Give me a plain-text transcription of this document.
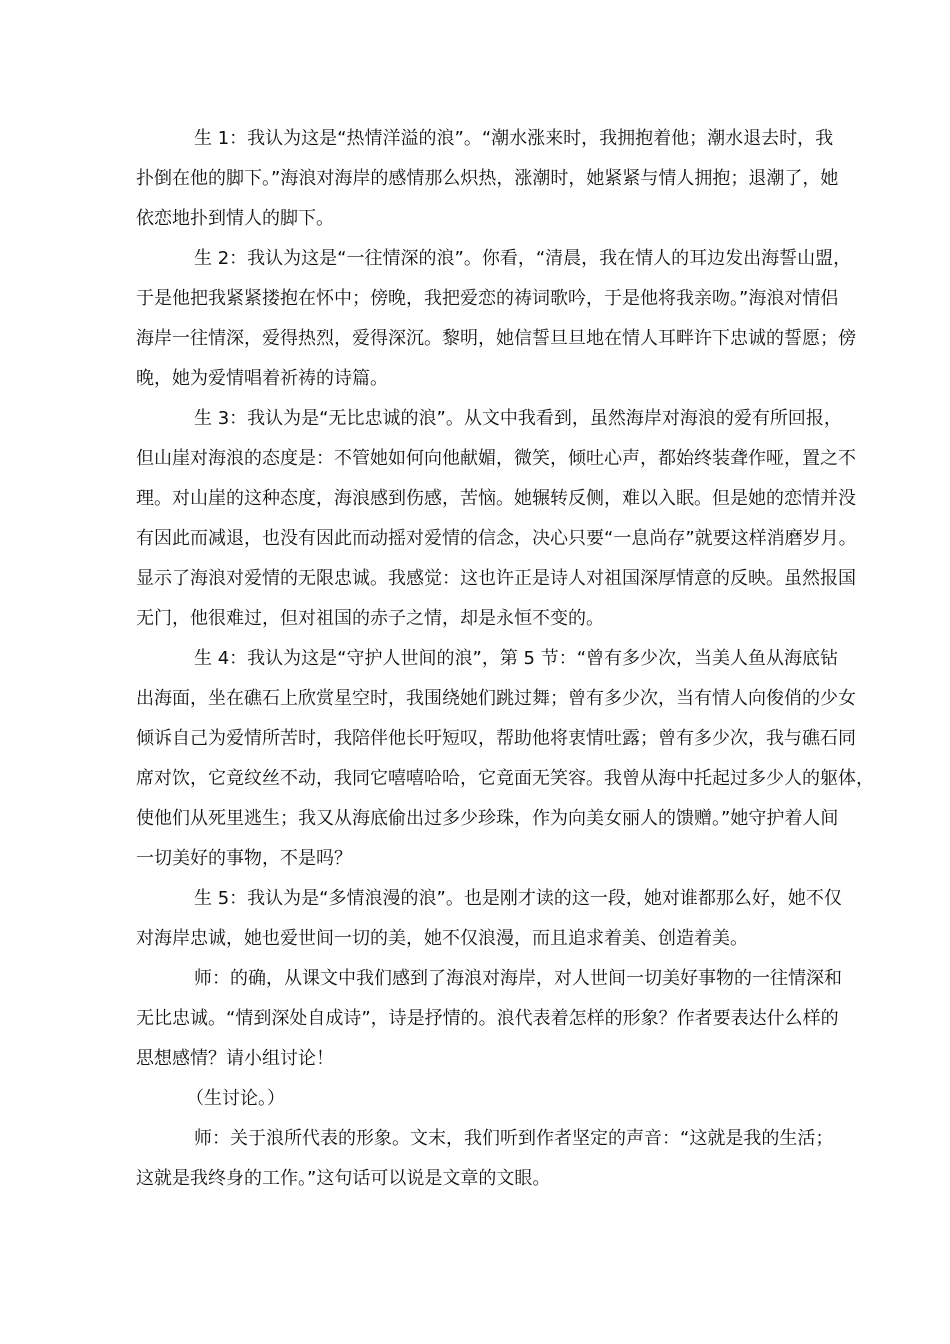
生 1：我认为这是“热情洋溢的浪”。“潮水涨来时，我拥抱着他；潮水退去时，我
扑倒在他的脚下。”海浪对海岸的感情那么炽热，涨潮时，她紧紧与情人拥抱；退潮了，她
依恋地扑到情人的脚下。
生 2：我认为这是“一往情深的浪”。你看，“清晨，我在情人的耳边发出海誓山盟，
于是他把我紧紧搂抱在怀中；傍晚，我把爱恋的祷词歌吟，于是他将我亲吻。”海浪对情侣
海岸一往情深，爱得热烈，爱得深沉。黎明，她信誓旦旦地在情人耳畔许下忠诚的誓愿；傍
晚，她为爱情唱着祈祷的诗篇。
生 3：我认为是“无比忠诚的浪”。从文中我看到，虽然海岸对海浪的爱有所回报，
但山崖对海浪的态度是：不管她如何向他献媚，微笑，倾吐心声，都始终装聋作哑，置之不
理。对山崖的这种态度，海浪感到伤感，苦恼。她辗转反侧，难以入眠。但是她的恋情并没
有因此而减退，也没有因此而动摇对爱情的信念，决心只要“一息尚存”就要这样消磨岁月。
显示了海浪对爱情的无限忠诚。我感觉：这也许正是诗人对祖国深厚情意的反映。虽然报国
无门，他很难过，但对祖国的赤子之情，却是永恒不变的。
生 4：我认为这是“守护人世间的浪”，第 5 节：“曾有多少次，当美人鱼从海底钻
出海面，坐在礁石上欣赏星空时，我围绕她们跳过舞；曾有多少次，当有情人向俊俏的少女
倾诉自己为爱情所苦时，我陪伴他长吁短叹，帮助他将衷情吐露；曾有多少次，我与礁石同
席对饮，它竟纹丝不动，我同它嘻嘻哈哈，它竟面无笑容。我曾从海中托起过多少人的躯体，
使他们从死里逃生；我又从海底偷出过多少珍珠，作为向美女丽人的馈赠。”她守护着人间
一切美好的事物，不是吗？
生 5：我认为是“多情浪漫的浪”。也是刚才读的这一段，她对谁都那么好，她不仅
对海岸忠诚，她也爱世间一切的美，她不仅浪漫，而且追求着美、创造着美。
师：的确，从课文中我们感到了海浪对海岸，对人世间一切美好事物的一往情深和
无比忠诚。“情到深处自成诗”，诗是抒情的。浪代表着怎样的形象？作者要表达什么样的
思想感情？请小组讨论！
（生讨论。）
师：关于浪所代表的形象。文末，我们听到作者坚定的声音：“这就是我的生活；
这就是我终身的工作。”这句话可以说是文章的文眼。
